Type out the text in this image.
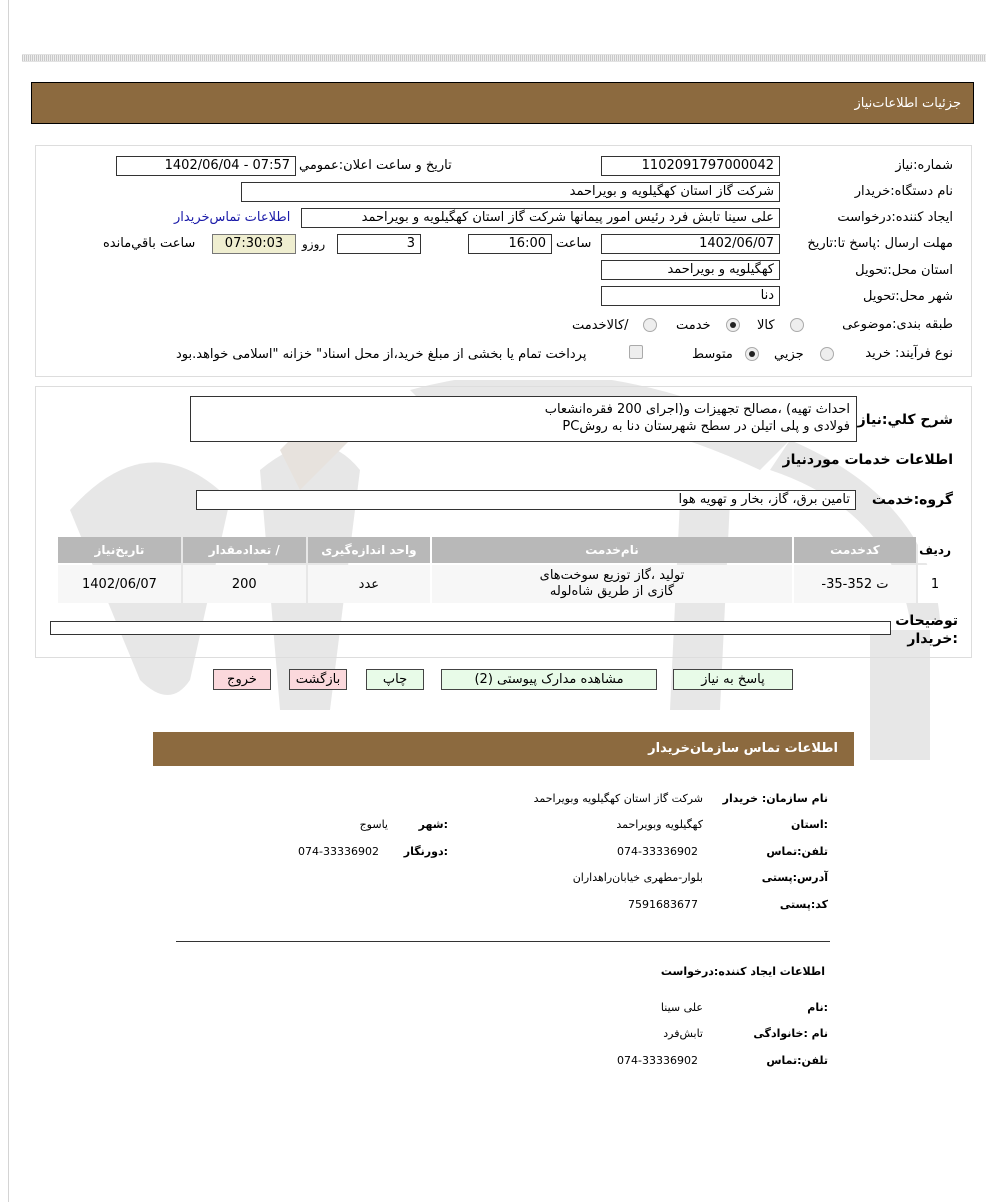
جزئیات اطلاعات‌نیاز
شماره:نیاز
1102091797000042
تاریخ و ساعت اعلان:عمومي
1402/06/04 - 07:57
نام دستگاه:خریدار
شرکت گاز استان کهگیلویه و بویراحمد
ایجاد کننده:درخواست
علی سینا تابش فرد رئیس امور پیمانها شرکت گاز استان کهگیلویه و بویراحمد
اطلاعات تماس‌خریدار
مهلت ارسال :پاسخ تا:تاریخ
1402/06/07
ساعت
16:00
3
روزو
07:30:03
ساعت باقي‌مانده
استان محل:تحویل
کهگیلویه و بویراحمد
شهر محل:تحویل
دنا
طبقه بندی:موضوعی
کالا
خدمت
/کالاخدمت
نوع فرآیند: خرید
جزيي
متوسط
پرداخت تمام یا بخشی از مبلغ خرید،از محل اسناد" خزانه "اسلامی خواهد.بود
شرح کلي:نیاز
احداث تهیه) ،مصالح تجهیزات و(اجرای 200 فقره‌انشعاب
فولادی و پلی اتیلن در سطح شهرستان دنا به روشPC
اطلاعات خدمات موردنیاز
گروه:خدمت
تامین برق، گاز، بخار و تهویه هوا
ردیف	کدخدمت	نام‌خدمت	واحد اندازه‌گیری	/ تعدادمقدار	تاریخ‌نیاز
1	ت 352-35-	تولید ،گاز توزیع سوخت‌های گازی از طریق شاه‌لوله	عدد	200	1402/06/07
توضیحات :خریدار
پاسخ به نیاز
مشاهده مدارک پیوستی (2)
چاپ
بازگشت
خروج
اطلاعات تماس سازمان‌خریدار
نام سازمان: خریدار
شرکت گاز استان کهگیلویه وبویراحمد
:استان
کهگیلویه وبویراحمد
:شهر
یاسوج
تلفن:تماس
074-33336902
:دورنگار
074-33336902
آدرس:پستی
بلوار-مطهری خیابان‌راهداران
کد:پستی
7591683677
اطلاعات ایجاد کننده:درخواست
:نام
علی سینا
نام :خانوادگی
تابش‌فرد
تلفن:تماس
074-33336902
